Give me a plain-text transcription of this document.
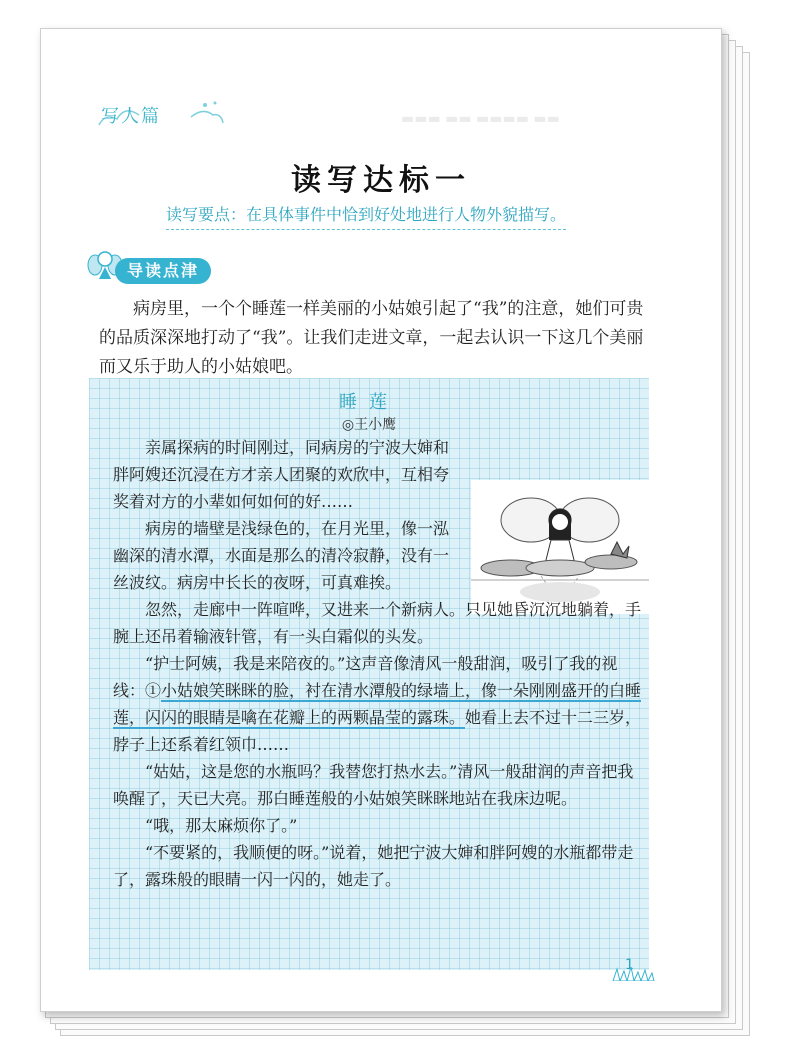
▬▬▬ ▬▬ ▬▬▬▬ ▬▬
写人篇
读写达标一
读写要点：在具体事件中恰到好处地进行人物外貌描写。
导读点津
病房里，一个个睡莲一样美丽的小姑娘引起了“我”的注意，她们可贵的品质深深地打动了“我”。让我们走进文章，一起去认识一下这几个美丽而又乐于助人的小姑娘吧。
睡莲
◎王小鹰

亲属探病的时间刚过，同病房的宁波大婶和胖阿嫂还沉浸在方才亲人团聚的欢欣中，互相夸奖着对方的小辈如何如何的好……

病房的墙壁是浅绿色的，在月光里，像一泓幽深的清水潭，水面是那么的清冷寂静，没有一丝波纹。病房中长长的夜呀，可真难挨。

忽然，走廊中一阵喧哗，又进来一个新病人。只见她昏沉沉地躺着，手腕上还吊着输液针管，有一头白霜似的头发。

“护士阿姨，我是来陪夜的。”这声音像清风一般甜润，吸引了我的视线：①小姑娘笑眯眯的脸，衬在清水潭般的绿墙上，像一朵刚刚盛开的白睡莲，闪闪的眼睛是噙在花瓣上的两颗晶莹的露珠。她看上去不过十二三岁，脖子上还系着红领巾……

“姑姑，这是您的水瓶吗？我替您打热水去。”清风一般甜润的声音把我唤醒了，天已大亮。那白睡莲般的小姑娘笑眯眯地站在我床边呢。

“哦，那太麻烦你了。”

“不要紧的，我顺便的呀。”说着，她把宁波大婶和胖阿嫂的水瓶都带走了，露珠般的眼睛一闪一闪的，她走了。

1
